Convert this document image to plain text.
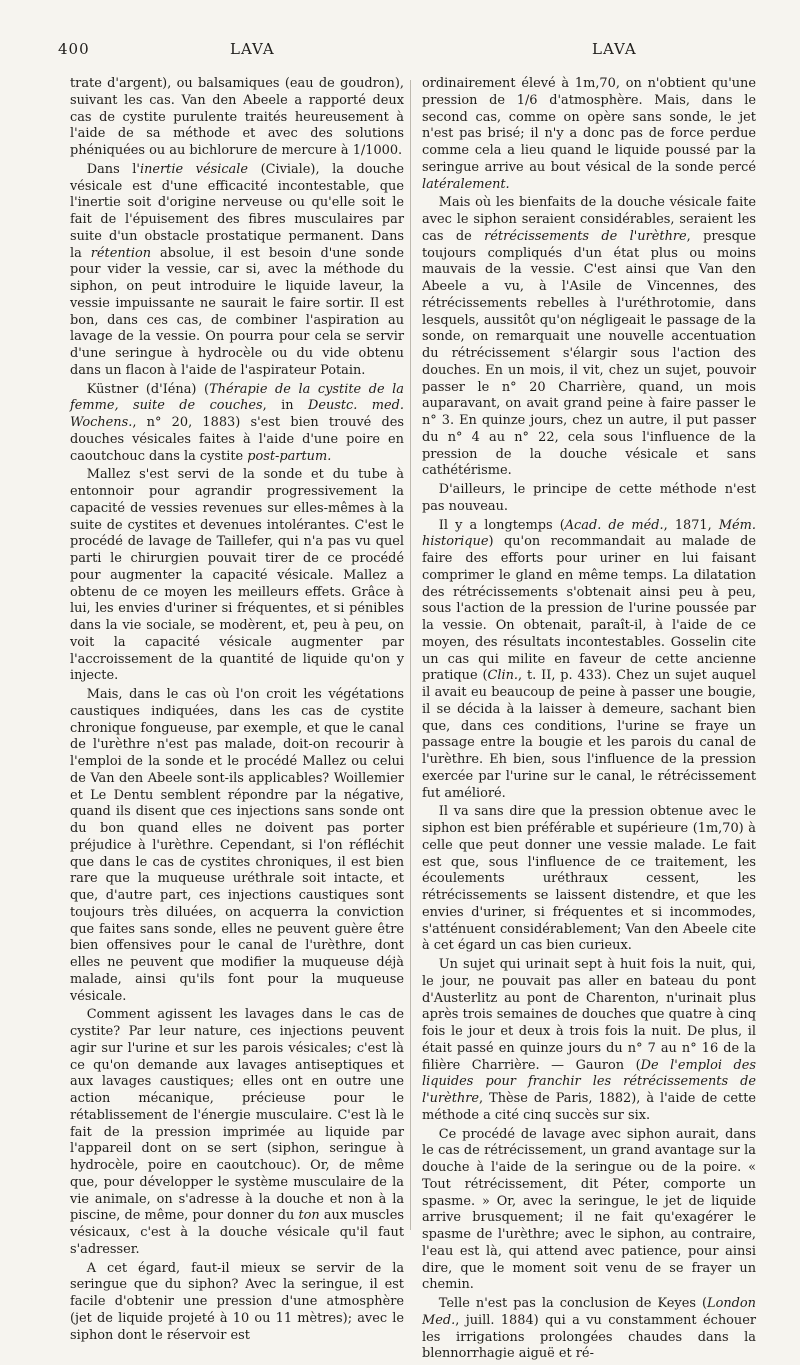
400	LAVA	LAVA

trate d'argent), ou balsamiques (eau de goudron), suivant les cas. Van den Abeele a rapporté deux cas de cystite purulente traités heureusement à l'aide de sa méthode et avec des solutions phéniquées ou au bichlorure de mercure à 1/1000.

Dans l'inertie vésicale (Civiale), la douche vésicale est d'une efficacité incontestable, que l'inertie soit d'origine nerveuse ou qu'elle soit le fait de l'épuisement des fibres musculaires par suite d'un obstacle prostatique permanent. Dans la rétention absolue, il est besoin d'une sonde pour vider la vessie, car si, avec la méthode du siphon, on peut introduire le liquide laveur, la vessie impuissante ne saurait le faire sortir. Il est bon, dans ces cas, de combiner l'aspiration au lavage de la vessie. On pourra pour cela se servir d'une seringue à hydrocèle ou du vide obtenu dans un flacon à l'aide de l'aspirateur Potain.

Küstner (d'Iéna) (Thérapie de la cystite de la femme, suite de couches, in Deustc. med. Wochens., n° 20, 1883) s'est bien trouvé des douches vésicales faites à l'aide d'une poire en caoutchouc dans la cystite post-partum.

Mallez s'est servi de la sonde et du tube à entonnoir pour agrandir progressivement la capacité de vessies revenues sur elles-mêmes à la suite de cystites et devenues intolérantes. C'est le procédé de lavage de Taillefer, qui n'a pas vu quel parti le chirurgien pouvait tirer de ce procédé pour augmenter la capacité vésicale. Mallez a obtenu de ce moyen les meilleurs effets. Grâce à lui, les envies d'uriner si fréquentes, et si pénibles dans la vie sociale, se modèrent, et, peu à peu, on voit la capacité vésicale augmenter par l'accroissement de la quantité de liquide qu'on y injecte.

Mais, dans le cas où l'on croit les végétations caustiques indiquées, dans les cas de cystite chronique fongueuse, par exemple, et que le canal de l'urèthre n'est pas malade, doit-on recourir à l'emploi de la sonde et le procédé Mallez ou celui de Van den Abeele sont-ils applicables? Woillemier et Le Dentu semblent répondre par la négative, quand ils disent que ces injections sans sonde ont du bon quand elles ne doivent pas porter préjudice à l'urèthre. Cependant, si l'on réfléchit que dans le cas de cystites chroniques, il est bien rare que la muqueuse uréthrale soit intacte, et que, d'autre part, ces injections caustiques sont toujours très diluées, on acquerra la conviction que faites sans sonde, elles ne peuvent guère être bien offensives pour le canal de l'urèthre, dont elles ne peuvent que modifier la muqueuse déjà malade, ainsi qu'ils font pour la muqueuse vésicale.

Comment agissent les lavages dans le cas de cystite? Par leur nature, ces injections peuvent agir sur l'urine et sur les parois vésicales; c'est là ce qu'on demande aux lavages antiseptiques et aux lavages caustiques; elles ont en outre une action mécanique, précieuse pour le rétablissement de l'énergie musculaire. C'est là le fait de la pression imprimée au liquide par l'appareil dont on se sert (siphon, seringue à hydrocèle, poire en caoutchouc). Or, de même que, pour développer le système musculaire de la vie animale, on s'adresse à la douche et non à la piscine, de même, pour donner du ton aux muscles vésicaux, c'est à la douche vésicale qu'il faut s'adresser.

A cet égard, faut-il mieux se servir de la seringue que du siphon? Avec la seringue, il est facile d'obtenir une pression d'une atmosphère (jet de liquide projeté à 10 ou 11 mètres); avec le siphon dont le réservoir est

ordinairement élevé à 1m,70, on n'obtient qu'une pression de 1/6 d'atmosphère. Mais, dans le second cas, comme on opère sans sonde, le jet n'est pas brisé; il n'y a donc pas de force perdue comme cela a lieu quand le liquide poussé par la seringue arrive au bout vésical de la sonde percé latéralement.

Mais où les bienfaits de la douche vésicale faite avec le siphon seraient considérables, seraient les cas de rétrécissements de l'urèthre, presque toujours compliqués d'un état plus ou moins mauvais de la vessie. C'est ainsi que Van den Abeele a vu, à l'Asile de Vincennes, des rétrécissements rebelles à l'uréthrotomie, dans lesquels, aussitôt qu'on négligeait le passage de la sonde, on remarquait une nouvelle accentuation du rétrécissement s'élargir sous l'action des douches. En un mois, il vit, chez un sujet, pouvoir passer le n° 20 Charrière, quand, un mois auparavant, on avait grand peine à faire passer le n° 3. En quinze jours, chez un autre, il put passer du n° 4 au n° 22, cela sous l'influence de la pression de la douche vésicale et sans cathétérisme.

D'ailleurs, le principe de cette méthode n'est pas nouveau.

Il y a longtemps (Acad. de méd., 1871, Mém. historique) qu'on recommandait au malade de faire des efforts pour uriner en lui faisant comprimer le gland en même temps. La dilatation des rétrécissements s'obtenait ainsi peu à peu, sous l'action de la pression de l'urine poussée par la vessie. On obtenait, paraît-il, à l'aide de ce moyen, des résultats incontestables. Gosselin cite un cas qui milite en faveur de cette ancienne pratique (Clin., t. II, p. 433). Chez un sujet auquel il avait eu beaucoup de peine à passer une bougie, il se décida à la laisser à demeure, sachant bien que, dans ces conditions, l'urine se fraye un passage entre la bougie et les parois du canal de l'urèthre. Eh bien, sous l'influence de la pression exercée par l'urine sur le canal, le rétrécissement fut amélioré.

Il va sans dire que la pression obtenue avec le siphon est bien préférable et supérieure (1m,70) à celle que peut donner une vessie malade. Le fait est que, sous l'influence de ce traitement, les écoulements uréthraux cessent, les rétrécissements se laissent distendre, et que les envies d'uriner, si fréquentes et si incommodes, s'atténuent considérablement; Van den Abeele cite à cet égard un cas bien curieux.

Un sujet qui urinait sept à huit fois la nuit, qui, le jour, ne pouvait pas aller en bateau du pont d'Austerlitz au pont de Charenton, n'urinait plus après trois semaines de douches que quatre à cinq fois le jour et deux à trois fois la nuit. De plus, il était passé en quinze jours du n° 7 au n° 16 de la filière Charrière. — Gauron (De l'emploi des liquides pour franchir les rétrécissements de l'urèthre, Thèse de Paris, 1882), à l'aide de cette méthode a cité cinq succès sur six.

Ce procédé de lavage avec siphon aurait, dans le cas de rétrécissement, un grand avantage sur la douche à l'aide de la seringue ou de la poire. « Tout rétrécissement, dit Péter, comporte un spasme. » Or, avec la seringue, le jet de liquide arrive brusquement; il ne fait qu'exagérer le spasme de l'urèthre; avec le siphon, au contraire, l'eau est là, qui attend avec patience, pour ainsi dire, que le moment soit venu de se frayer un chemin.

Telle n'est pas la conclusion de Keyes (London Med., juill. 1884) qui a vu constamment échouer les irrigations prolongées chaudes dans la blennorrhagie aiguë et ré-
